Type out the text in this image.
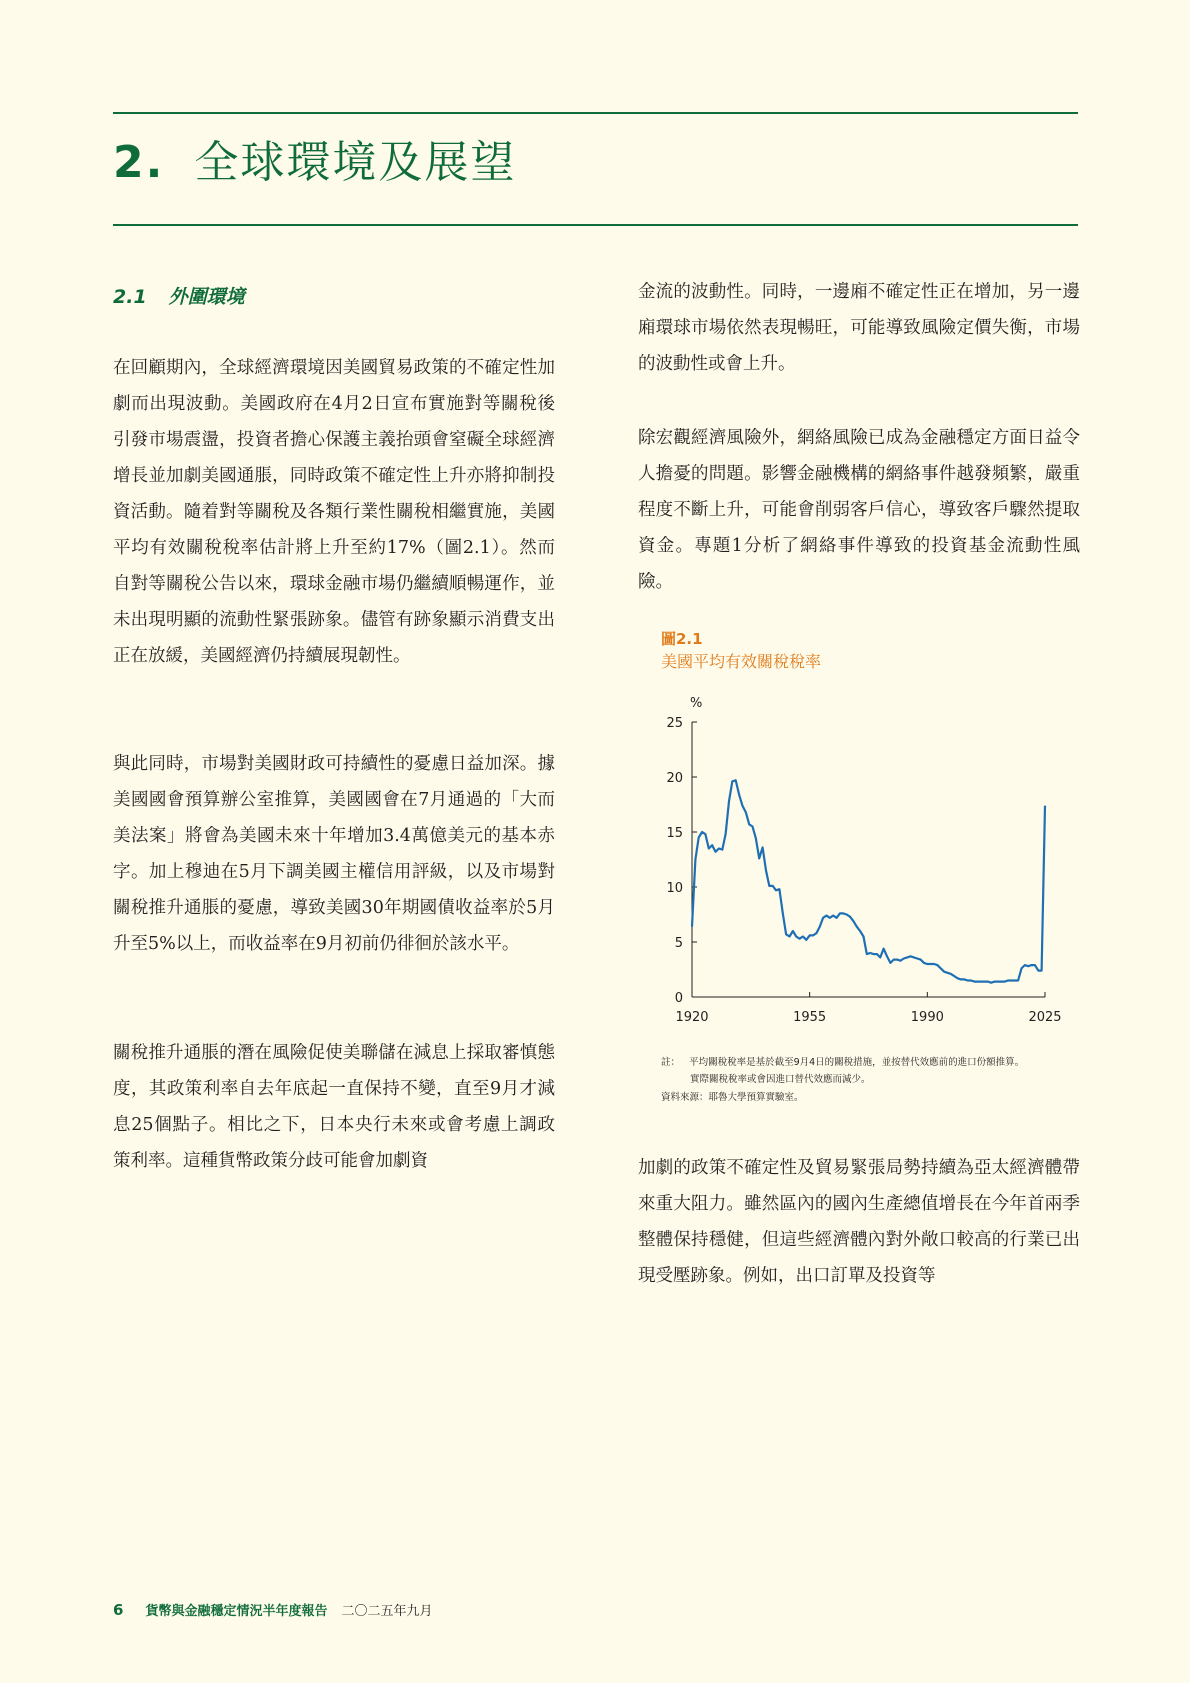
2. 全球環境及展望
2.1 外圍環境

在回顧期內，全球經濟環境因美國貿易政策的不確定性加劇而出現波動。美國政府在4月2日宣布實施對等關稅後引發市場震盪，投資者擔心保護主義抬頭會窒礙全球經濟增長並加劇美國通脹，同時政策不確定性上升亦將抑制投資活動。隨着對等關稅及各類行業性關稅相繼實施，美國平均有效關稅稅率估計將上升至約17%（圖2.1）。然而自對等關稅公告以來，環球金融市場仍繼續順暢運作，並未出現明顯的流動性緊張跡象。儘管有跡象顯示消費支出正在放緩，美國經濟仍持續展現韌性。

與此同時，市場對美國財政可持續性的憂慮日益加深。據美國國會預算辦公室推算，美國國會在7月通過的「大而美法案」將會為美國未來十年增加3.4萬億美元的基本赤字。加上穆迪在5月下調美國主權信用評級，以及市場對關稅推升通脹的憂慮，導致美國30年期國債收益率於5月升至5%以上，而收益率在9月初前仍徘徊於該水平。

關稅推升通脹的潛在風險促使美聯儲在減息上採取審慎態度，其政策利率自去年底起一直保持不變，直至9月才減息25個點子。相比之下，日本央行未來或會考慮上調政策利率。這種貨幣政策分歧可能會加劇資

金流的波動性。同時，一邊廂不確定性正在增加，另一邊廂環球市場依然表現暢旺，可能導致風險定價失衡，市場的波動性或會上升。

除宏觀經濟風險外，網絡風險已成為金融穩定方面日益令人擔憂的問題。影響金融機構的網絡事件越發頻繁，嚴重程度不斷上升，可能會削弱客戶信心，導致客戶驟然提取資金。專題1分析了網絡事件導致的投資基金流動性風險。

圖2.1
美國平均有效關稅稅率
%
0
5
10
15
20
25
1920	1955	1990	2025
註： 平均關稅稅率是基於截至9月4日的關稅措施，並按替代效應前的進口份額推算。
實際關稅稅率或會因進口替代效應而減少。
資料來源：耶魯大學預算實驗室。

加劇的政策不確定性及貿易緊張局勢持續為亞太經濟體帶來重大阻力。雖然區內的國內生產總值增長在今年首兩季整體保持穩健，但這些經濟體內對外敞口較高的行業已出現受壓跡象。例如，出口訂單及投資等

6 貨幣與金融穩定情況半年度報告 二〇二五年九月
